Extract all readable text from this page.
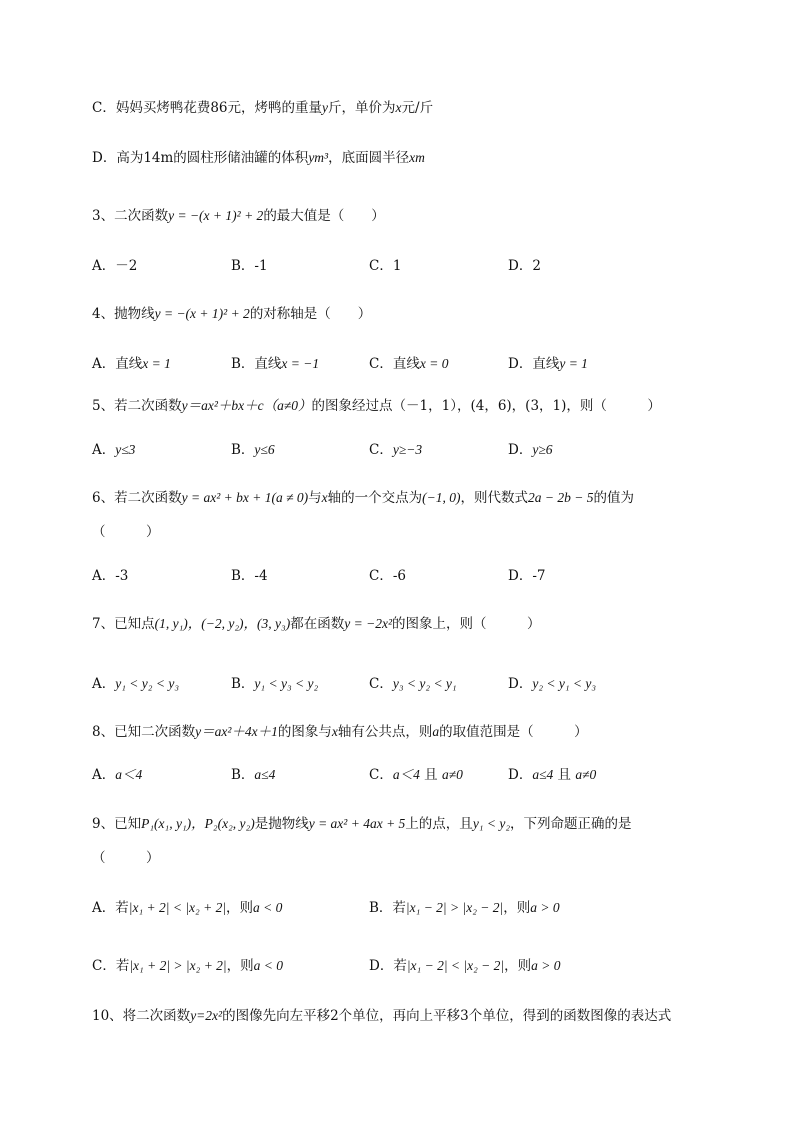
C．妈妈买烤鸭花费86元，烤鸭的重量y斤，单价为x元/斤
D．高为14m的圆柱形储油罐的体积ym³，底面圆半径xm
3、二次函数y = −(x + 1)² + 2的最大值是（　　）
A．－2	B．-1	C．1	D．2
4、抛物线y = −(x + 1)² + 2的对称轴是（　　）
A．直线x = 1	B．直线x = −1	C．直线x = 0	D．直线y = 1
5、若二次函数y＝ax²＋bx＋c（a≠0）的图象经过点（－1，1），(4，6)，(3，1)，则（　　　）
A．y≤3	B．y≤6	C．y≥−3	D．y≥6
6、若二次函数y = ax² + bx + 1(a ≠ 0)与x轴的一个交点为(−1, 0)，则代数式2a − 2b − 5的值为
（　　　）
A．-3	B．-4	C．-6	D．-7
7、已知点(1, y₁)，(−2, y₂)，(3, y₃)都在函数y = −2x²的图象上，则（　　　）
A．y₁ < y₂ < y₃	B．y₁ < y₃ < y₂	C．y₃ < y₂ < y₁	D．y₂ < y₁ < y₃
8、已知二次函数y＝ax²＋4x＋1的图象与x轴有公共点，则a的取值范围是（　　　）
A．a＜4	B．a≤4	C．a＜4 且 a≠0	D．a≤4 且 a≠0
9、已知P₁(x₁, y₁)，P₂(x₂, y₂)是抛物线y = ax² + 4ax + 5上的点，且y₁ < y₂，下列命题正确的是
（　　　）
A．若|x₁ + 2| < |x₂ + 2|，则a < 0	B．若|x₁ − 2| > |x₂ − 2|，则a > 0
C．若|x₁ + 2| > |x₂ + 2|，则a < 0	D．若|x₁ − 2| < |x₂ − 2|，则a > 0
10、将二次函数y=2x²的图像先向左平移2个单位，再向上平移3个单位，得到的函数图像的表达式
